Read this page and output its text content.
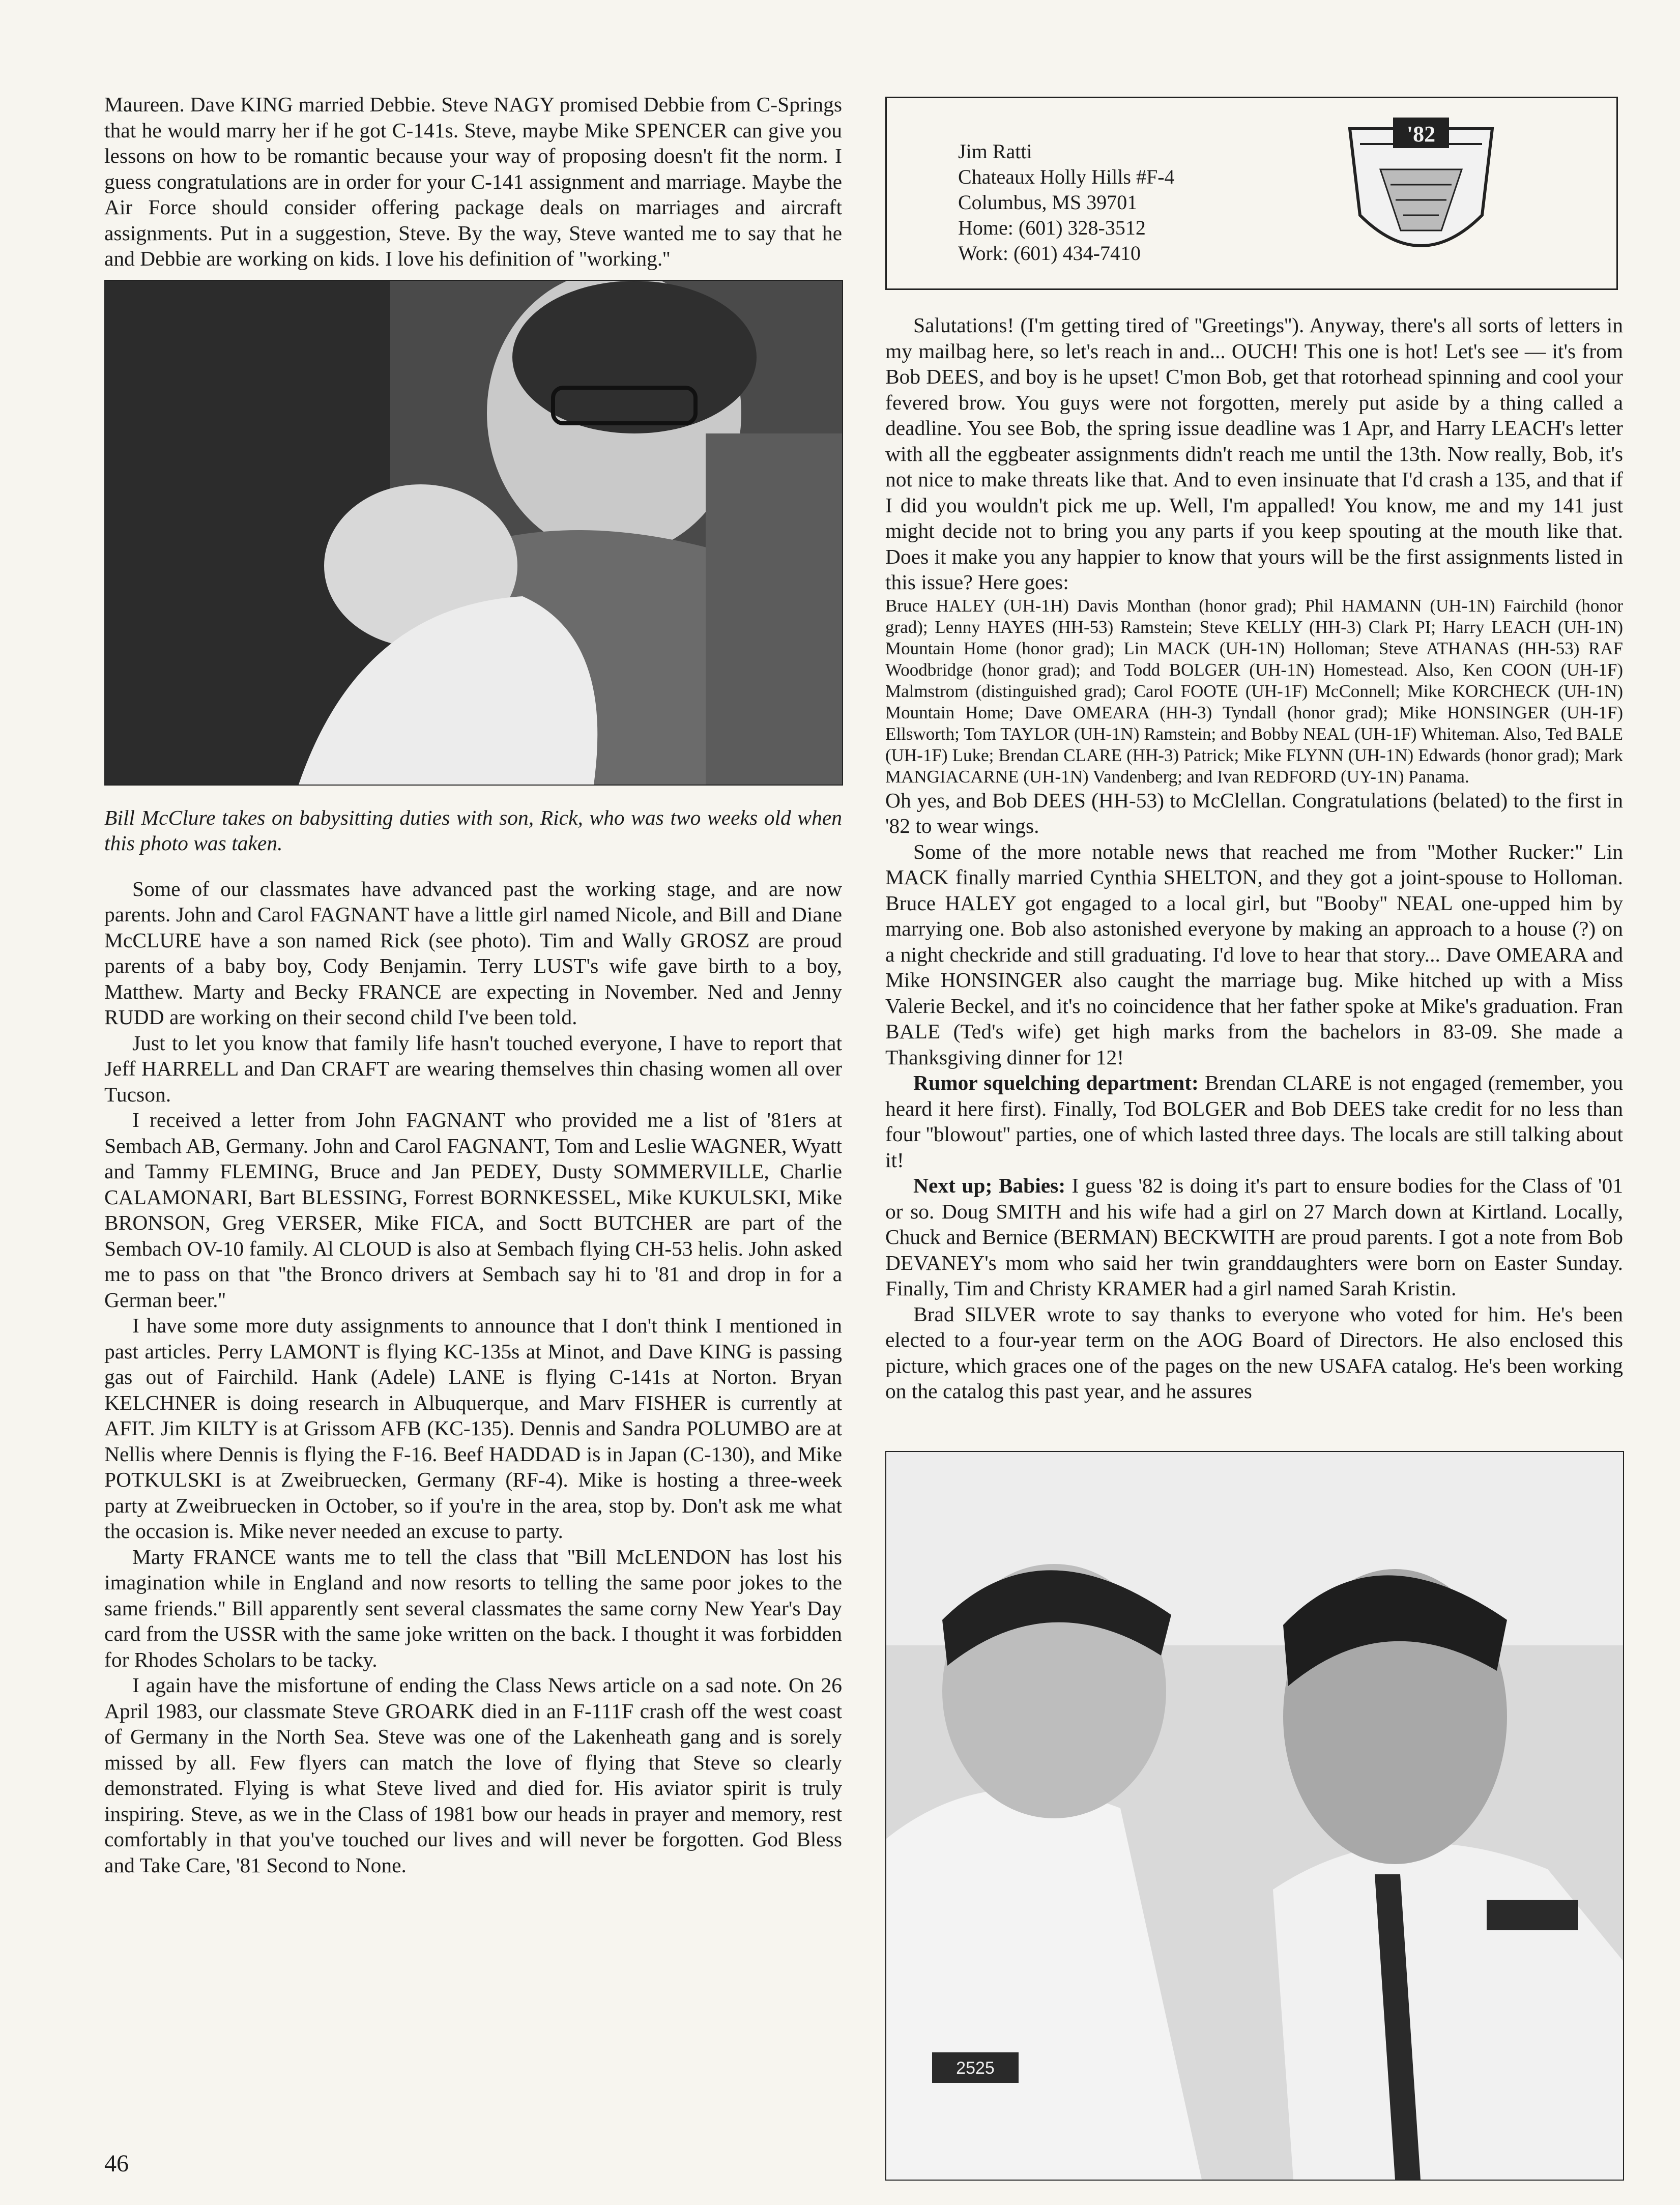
Maureen. Dave KING married Debbie. Steve NAGY promised Debbie from C-Springs that he would marry her if he got C-141s. Steve, maybe Mike SPENCER can give you lessons on how to be romantic because your way of proposing doesn't fit the norm. I guess congratulations are in order for your C-141 assignment and marriage. Maybe the Air Force should consider offering package deals on marriages and aircraft assignments. Put in a suggestion, Steve. By the way, Steve wanted me to say that he and Debbie are working on kids. I love his definition of ''working.''

Bill McClure takes on babysitting duties with son, Rick, who was two weeks old when this photo was taken.

Some of our classmates have advanced past the working stage, and are now parents. John and Carol FAGNANT have a little girl named Nicole, and Bill and Diane McCLURE have a son named Rick (see photo). Tim and Wally GROSZ are proud parents of a baby boy, Cody Benjamin. Terry LUST's wife gave birth to a boy, Matthew. Marty and Becky FRANCE are expecting in November. Ned and Jenny RUDD are working on their second child I've been told.

Just to let you know that family life hasn't touched everyone, I have to report that Jeff HARRELL and Dan CRAFT are wearing themselves thin chasing women all over Tucson.

I received a letter from John FAGNANT who provided me a list of '81ers at Sembach AB, Germany. John and Carol FAGNANT, Tom and Leslie WAGNER, Wyatt and Tammy FLEMING, Bruce and Jan PEDEY, Dusty SOMMERVILLE, Charlie CALAMONARI, Bart BLESSING, Forrest BORNKESSEL, Mike KUKULSKI, Mike BRONSON, Greg VERSER, Mike FICA, and Soctt BUTCHER are part of the Sembach OV-10 family. Al CLOUD is also at Sembach flying CH-53 helis. John asked me to pass on that ''the Bronco drivers at Sembach say hi to '81 and drop in for a German beer.''

I have some more duty assignments to announce that I don't think I mentioned in past articles. Perry LAMONT is flying KC-135s at Minot, and Dave KING is passing gas out of Fairchild. Hank (Adele) LANE is flying C-141s at Norton. Bryan KELCHNER is doing research in Albuquerque, and Marv FISHER is currently at AFIT. Jim KILTY is at Grissom AFB (KC-135). Dennis and Sandra POLUMBO are at Nellis where Dennis is flying the F-16. Beef HADDAD is in Japan (C-130), and Mike POTKULSKI is at Zweibruecken, Germany (RF-4). Mike is hosting a three-week party at Zweibruecken in October, so if you're in the area, stop by. Don't ask me what the occasion is. Mike never needed an excuse to party.

Marty FRANCE wants me to tell the class that ''Bill McLENDON has lost his imagination while in England and now resorts to telling the same poor jokes to the same friends.'' Bill apparently sent several classmates the same corny New Year's Day card from the USSR with the same joke written on the back. I thought it was forbidden for Rhodes Scholars to be tacky.

I again have the misfortune of ending the Class News article on a sad note. On 26 April 1983, our classmate Steve GROARK died in an F-111F crash off the west coast of Germany in the North Sea. Steve was one of the Lakenheath gang and is sorely missed by all. Few flyers can match the love of flying that Steve so clearly demonstrated. Flying is what Steve lived and died for. His aviator spirit is truly inspiring. Steve, as we in the Class of 1981 bow our heads in prayer and memory, rest comfortably in that you've touched our lives and will never be forgotten. God Bless and Take Care, '81 Second to None.

Jim Ratti
Chateaux Holly Hills #F-4
Columbus, MS 39701
Home: (601) 328-3512
Work: (601) 434-7410
'82

Salutations! (I'm getting tired of ''Greetings''). Anyway, there's all sorts of letters in my mailbag here, so let's reach in and... OUCH! This one is hot! Let's see — it's from Bob DEES, and boy is he upset! C'mon Bob, get that rotorhead spinning and cool your fevered brow. You guys were not forgotten, merely put aside by a thing called a deadline. You see Bob, the spring issue deadline was 1 Apr, and Harry LEACH's letter with all the eggbeater assignments didn't reach me until the 13th. Now really, Bob, it's not nice to make threats like that. And to even insinuate that I'd crash a 135, and that if I did you wouldn't pick me up. Well, I'm appalled! You know, me and my 141 just might decide not to bring you any parts if you keep spouting at the mouth like that. Does it make you any happier to know that yours will be the first assignments listed in this issue? Here goes:

Bruce HALEY (UH-1H) Davis Monthan (honor grad); Phil HAMANN (UH-1N) Fairchild (honor grad); Lenny HAYES (HH-53) Ramstein; Steve KELLY (HH-3) Clark PI; Harry LEACH (UH-1N) Mountain Home (honor grad); Lin MACK (UH-1N) Holloman; Steve ATHANAS (HH-53) RAF Woodbridge (honor grad); and Todd BOLGER (UH-1N) Homestead. Also, Ken COON (UH-1F) Malmstrom (distinguished grad); Carol FOOTE (UH-1F) McConnell; Mike KORCHECK (UH-1N) Mountain Home; Dave OMEARA (HH-3) Tyndall (honor grad); Mike HONSINGER (UH-1F) Ellsworth; Tom TAYLOR (UH-1N) Ramstein; and Bobby NEAL (UH-1F) Whiteman. Also, Ted BALE (UH-1F) Luke; Brendan CLARE (HH-3) Patrick; Mike FLYNN (UH-1N) Edwards (honor grad); Mark MANGIACARNE (UH-1N) Vandenberg; and Ivan REDFORD (UY-1N) Panama.

Oh yes, and Bob DEES (HH-53) to McClellan. Congratulations (belated) to the first in '82 to wear wings.

Some of the more notable news that reached me from ''Mother Rucker:'' Lin MACK finally married Cynthia SHELTON, and they got a joint-spouse to Holloman. Bruce HALEY got engaged to a local girl, but ''Booby'' NEAL one-upped him by marrying one. Bob also astonished everyone by making an approach to a house (?) on a night checkride and still graduating. I'd love to hear that story... Dave OMEARA and Mike HONSINGER also caught the marriage bug. Mike hitched up with a Miss Valerie Beckel, and it's no coincidence that her father spoke at Mike's graduation. Fran BALE (Ted's wife) get high marks from the bachelors in 83-09. She made a Thanksgiving dinner for 12!

Rumor squelching department: Brendan CLARE is not engaged (remember, you heard it here first). Finally, Tod BOLGER and Bob DEES take credit for no less than four ''blowout'' parties, one of which lasted three days. The locals are still talking about it!

Next up; Babies: I guess '82 is doing it's part to ensure bodies for the Class of '01 or so. Doug SMITH and his wife had a girl on 27 March down at Kirtland. Locally, Chuck and Bernice (BERMAN) BECKWITH are proud parents. I got a note from Bob DEVANEY's mom who said her twin granddaughters were born on Easter Sunday. Finally, Tim and Christy KRAMER had a girl named Sarah Kristin.

Brad SILVER wrote to say thanks to everyone who voted for him. He's been elected to a four-year term on the AOG Board of Directors. He also enclosed this picture, which graces one of the pages on the new USAFA catalog. He's been working on the catalog this past year, and he assures

2525
46
